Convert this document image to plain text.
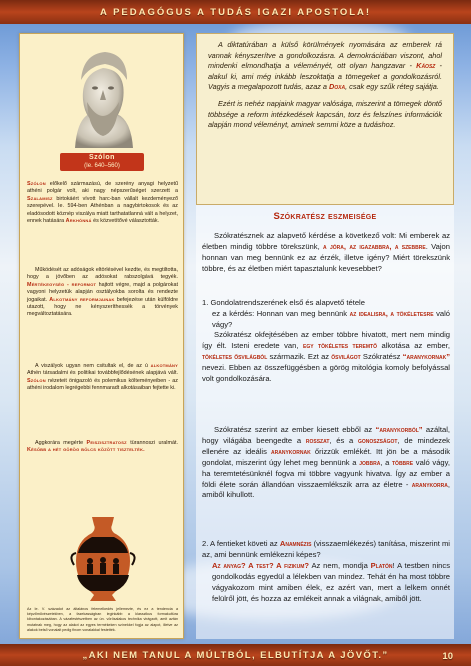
A PEDAGÓGUS A TUDÁS IGAZI APOSTOLA!
Szólon
(Ie. 640–560)

Szólon előkelő származású, de szerény anyagi helyzetű athéni polgár volt, aki nagy népszerűséget szerzett a Szalamisz birtokáért vívott harc-ban vállalt kezdeményező szerepével. Ie. 594-ben Athénban a nagybirtokosok és az eladósodott köznép viszálya miatt tarthatatlanná vált a helyzet, ennek hatására Arkhónná és közvetítővé választották.

Működését az adóságok eltörlésével kezdte, és megtiltotta, hogy a jövőben az adósokat rabszolgává tegyék. Mértékegység - reformot hajtott végre, majd a polgárokat vagyoni helyzetük alapján osztályokba sorolta és rendezte jogaikat. Alkotmány reformjainak befejezése után külföldre utazott, hogy ne kényszeríthessék a törvények megváltoztatására.

A viszályok ugyan nem csitultak el, de az ú alkotmány Athén társadalmi és politikai továbbfejlődésének alapjává vált. Szólon nézeteit önigazoló és polemikus költeményeiben - az athéni irodalom legrégebbi fennmaradt alkotásaiban fejtette ki.

Aggkorára megérte Peiszisztratosz türannoszi uralmát. Később a hét görög bölcs között tisztelték.

Az Ie. V. századot az általános felemelkedés jellemezte, és ez a tendencia a képzőművészetekben, a fazekasságban leginkább a klasszikus formakultúra kibontakozásában. A vázafestészetben az ún. vörösalakos technika virágzott, amit aztán mutatnak meg, hogy az alakot az egyes termékeken színekkel fogja az alapot, illetve az alakok belső vonalait pedig finom vonalakkal festették.

A diktatúrában a külső körülmények nyomására az emberek rá vannak kényszerítve a gondolkozásra. A demokráciában viszont, ahol mindenki elmondhatja a véleményét, ott olyan hangzavar - Káosz - alakul ki, ami még inkább leszoktatja a tömegeket a gondolkozásról. Vagyis a megalapozott tudás, azaz a Doxa, csak egy szűk réteg sajátja.

Ezért is nehéz napjaink magyar valósága, miszerint a tömegek döntő többsége a reform intézkedések kapcsán, torz és felszínes információk alapján mond véleményt, aminek semmi köze a tudáshoz.

Szókratész eszmeisége

Szókratésznek az alapvető kérdése a következő volt: Mi emberek az életben mindig többre törekszünk, a jóra, az igazabbra, a szebbre. Vajon honnan van meg bennünk ez az érzék, illetve igény? Miért törekszünk többre, és az életben miért tapasztalunk kevesebbet?

1. Gondolatrendszerének első és alapvető tétele
ez a kérdés: Honnan van meg bennünk az idealisra, a tökéletesre való vágy?

Szókratész okfejtésében az ember többre hivatott, mert nem mindig így élt. Isteni eredete van, egy tökéletes teremtő alkotása az ember, tökéletes ősvilágból származik. Ezt az ősvilágot Szókratész “aranykornak” nevezi. Ebben az összefüggésben a görög mitológia komoly befolyással volt gondolkozására.

Szókratész szerint az ember kiesett ebből az “aranykorból” azáltal, hogy világába beengedte a rosszat, és a gonoszságot, de mindezek ellenére az ideális aranykornak őrizzük emlékét. Itt jön be a második gondolat, miszerint úgy lehet meg bennünk a jobbra, a többre való vágy, ha teremtetésünknél fogva mi többre vagyunk hivatva. Így az ember a földi élete során állandóan visszaemlékszik arra az életre - aranykorra, amiből kihullott.

2. A fentieket követi az Anamnézis (visszaemlékezés) tanítása, miszerint mi az, ami bennünk emlékezni képes?
Az anyag? A test? A fizikum? Az nem, mondja Platón! A testben nincs gondolkodás egyedül a lélekben van mindez. Tehát én ha most többre vágyakozom mint amiben élek, ez azért van, mert a lelkem onnét felülről jött, és hozza az emlékeit annak a világnak, amiből jött.
„AKI NEM TANUL A MÚLTBÓL, ELBUTÍTJA A JÖVŐT.”	10
